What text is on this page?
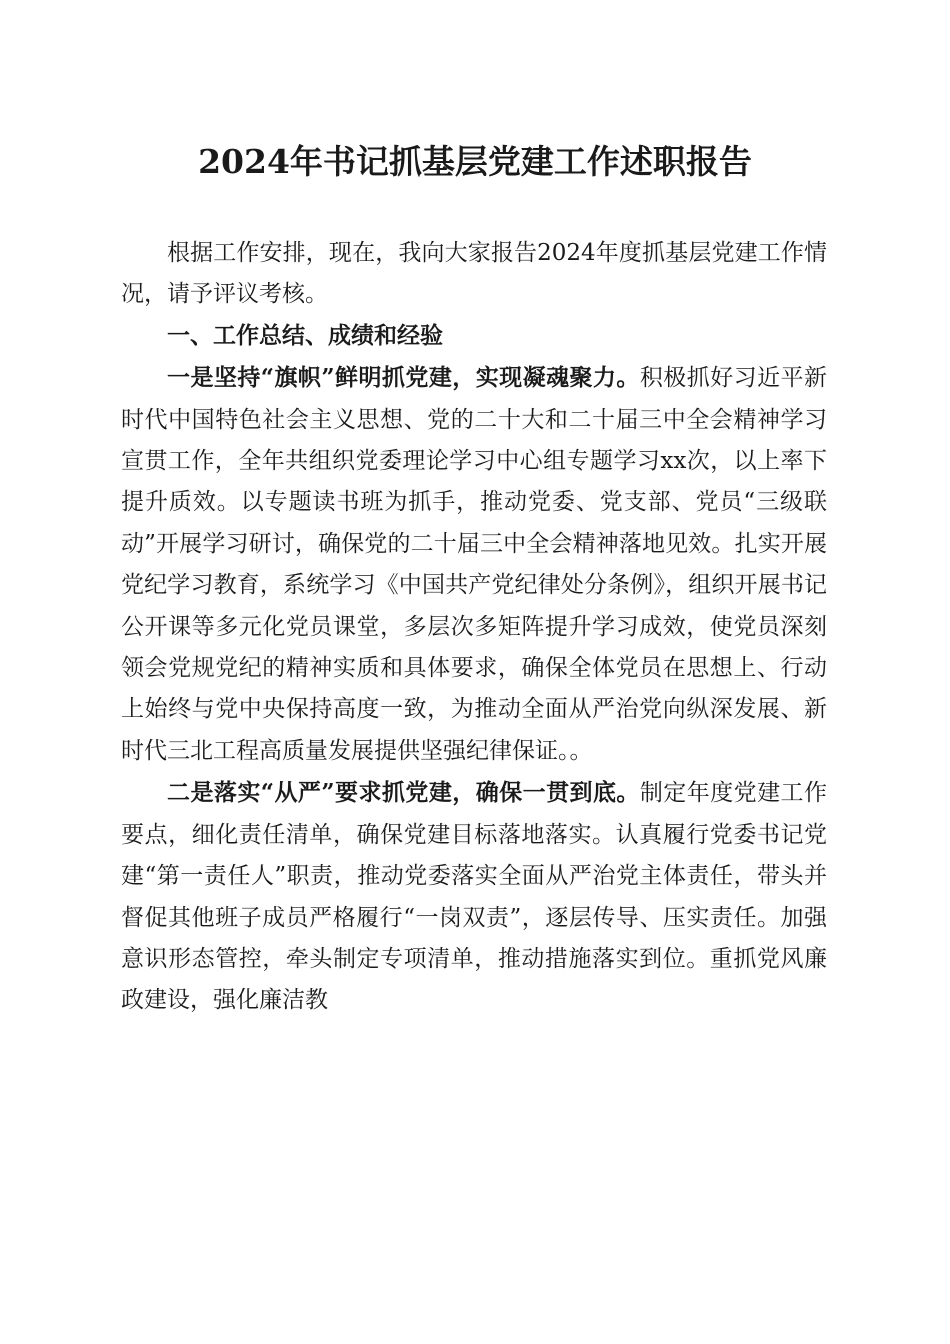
2024年书记抓基层党建工作述职报告

根据工作安排，现在，我向大家报告2024年度抓基层党建工作情况，请予评议考核。

一、工作总结、成绩和经验

一是坚持“旗帜”鲜明抓党建，实现凝魂聚力。积极抓好习近平新时代中国特色社会主义思想、党的二十大和二十届三中全会精神学习宣贯工作，全年共组织党委理论学习中心组专题学习xx次，以上率下提升质效。以专题读书班为抓手，推动党委、党支部、党员“三级联动”开展学习研讨，确保党的二十届三中全会精神落地见效。扎实开展党纪学习教育，系统学习《中国共产党纪律处分条例》，组织开展书记公开课等多元化党员课堂，多层次多矩阵提升学习成效，使党员深刻领会党规党纪的精神实质和具体要求，确保全体党员在思想上、行动上始终与党中央保持高度一致，为推动全面从严治党向纵深发展、新时代三北工程高质量发展提供坚强纪律保证。。

二是落实“从严”要求抓党建，确保一贯到底。制定年度党建工作要点，细化责任清单，确保党建目标落地落实。认真履行党委书记党建“第一责任人”职责，推动党委落实全面从严治党主体责任，带头并督促其他班子成员严格履行“一岗双责”，逐层传导、压实责任。加强意识形态管控，牵头制定专项清单，推动措施落实到位。重抓党风廉政建设，强化廉洁教
